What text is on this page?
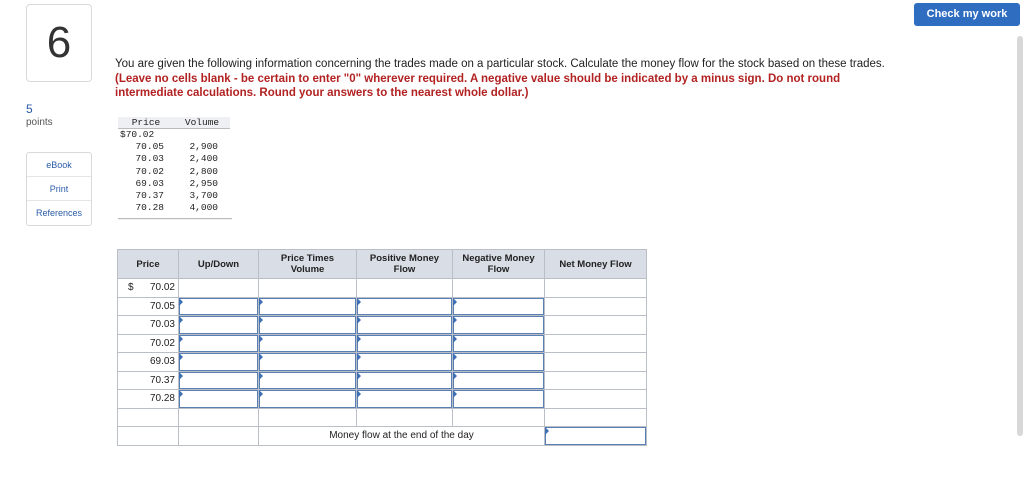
6
5
points
eBook
Print
References
Check my work
You are given the following information concerning the trades made on a particular stock. Calculate the money flow for the stock based on these trades. (Leave no cells blank - be certain to enter "0" wherever required. A negative value should be indicated by a minus sign. Do not round intermediate calculations. Round your answers to the nearest whole dollar.)
Price	Volume
$70.02	
70.05	2,900
70.03	2,400
70.02	2,800
69.03	2,950
70.37	3,700
70.28	4,000
Price	Up/Down	Price Times Volume	Positive Money Flow	Negative Money Flow	Net Money Flow

$ 70.02					

70.05	

70.03	

70.02	

69.03	

70.37	

70.28	

		Money flow at the end of the day			
